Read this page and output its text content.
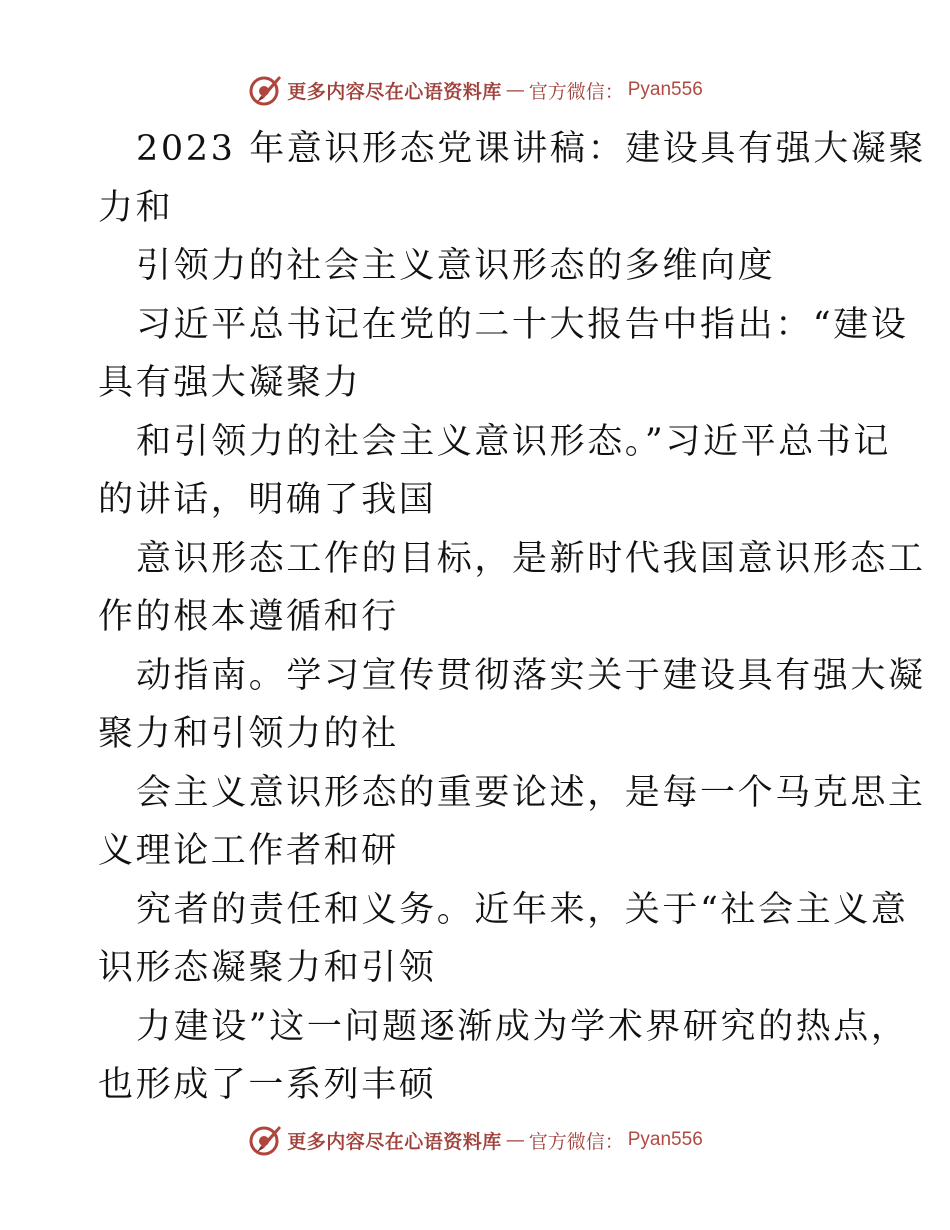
更多内容尽在心语资料库 — 官方微信： Pyan556
2023 年意识形态党课讲稿：建设具有强大凝聚
力和
引领力的社会主义意识形态的多维向度
习近平总书记在党的二十大报告中指出：“建设
具有强大凝聚力
和引领力的社会主义意识形态。”习近平总书记
的讲话，明确了我国
意识形态工作的目标，是新时代我国意识形态工
作的根本遵循和行
动指南。学习宣传贯彻落实关于建设具有强大凝
聚力和引领力的社
会主义意识形态的重要论述，是每一个马克思主
义理论工作者和研
究者的责任和义务。近年来，关于“社会主义意
识形态凝聚力和引领
力建设”这一问题逐渐成为学术界研究的热点，
也形成了一系列丰硕
更多内容尽在心语资料库 — 官方微信： Pyan556
